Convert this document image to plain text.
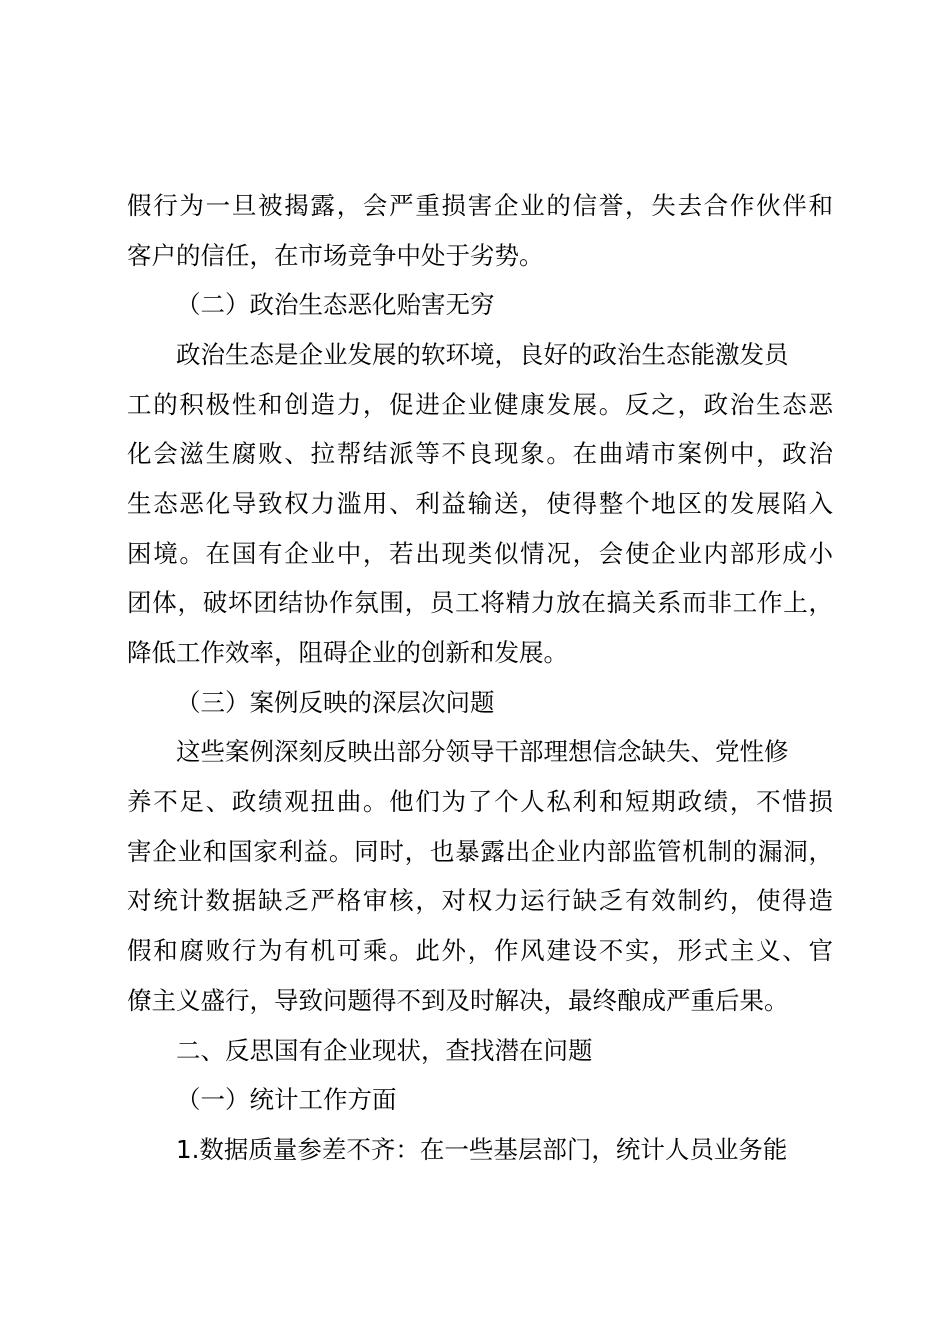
假行为一旦被揭露，会严重损害企业的信誉，失去合作伙伴和
客户的信任，在市场竞争中处于劣势。
（二）政治生态恶化贻害无穷
政治生态是企业发展的软环境，良好的政治生态能激发员
工的积极性和创造力，促进企业健康发展。反之，政治生态恶
化会滋生腐败、拉帮结派等不良现象。在曲靖市案例中，政治
生态恶化导致权力滥用、利益输送，使得整个地区的发展陷入
困境。在国有企业中，若出现类似情况，会使企业内部形成小
团体，破坏团结协作氛围，员工将精力放在搞关系而非工作上，
降低工作效率，阻碍企业的创新和发展。
（三）案例反映的深层次问题
这些案例深刻反映出部分领导干部理想信念缺失、党性修
养不足、政绩观扭曲。他们为了个人私利和短期政绩，不惜损
害企业和国家利益。同时，也暴露出企业内部监管机制的漏洞，
对统计数据缺乏严格审核，对权力运行缺乏有效制约，使得造
假和腐败行为有机可乘。此外，作风建设不实，形式主义、官
僚主义盛行，导致问题得不到及时解决，最终酿成严重后果。
二、反思国有企业现状，查找潜在问题
（一）统计工作方面
1.数据质量参差不齐：在一些基层部门，统计人员业务能
